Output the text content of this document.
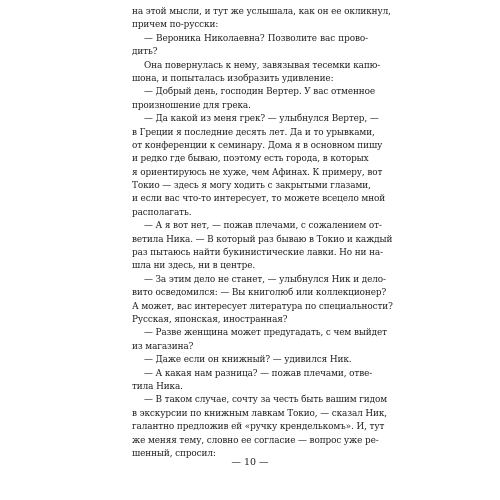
на этой мысли, и тут же услышала, как он ее окликнул,
причем по-русски:
— Вероника Николаевна? Позволите вас прово-
дить?
Она повернулась к нему, завязывая тесемки капю-
шона, и попыталась изобразить удивление:
— Добрый день, господин Вертер. У вас отменное
произношение для грека.
— Да какой из меня грек? — улыбнулся Вертер, —
в Греции я последние десять лет. Да и то урывками,
от конференции к семинару. Дома я в основном пишу
и редко где бываю, поэтому есть города, в которых
я ориентируюсь не хуже, чем Афинах. К примеру, вот
Токио — здесь я могу ходить с закрытыми глазами,
и если вас что-то интересует, то можете всецело мной
располагать.
— А я вот нет, — пожав плечами, с сожалением от-
ветила Ника. — В который раз бываю в Токио и каждый
раз пытаюсь найти букинистические лавки. Но ни на-
шла ни здесь, ни в центре.
— За этим дело не станет, — улыбнулся Ник и дело-
вито осведомился: — Вы книголюб или коллекционер?
А может, вас интересует литература по специальности?
Русская, японская, иностранная?
— Разве женщина может предугадать, с чем выйдет
из магазина?
— Даже если он книжный? — удивился Ник.
— А какая нам разница? — пожав плечами, отве-
тила Ника.
— В таком случае, сочту за честь быть вашим гидом
в экскурсии по книжным лавкам Токио, — сказал Ник,
галантно предложив ей «ручку кренделькомъ». И, тут
же меняя тему, словно ее согласие — вопрос уже ре-
шенный, спросил:
— 10 —
